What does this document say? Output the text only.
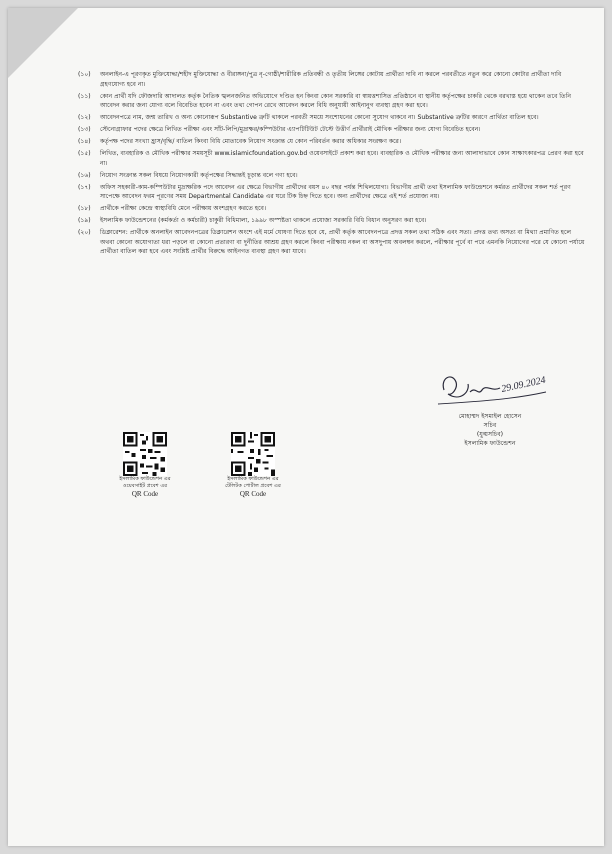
(১০)	অনলাইন-এ পূরণকৃত মুক্তিযোদ্ধা/শহীদ মুক্তিযোদ্ধা ও বীরাঙ্গনা/পুত্র নৃ-গোষ্ঠী/শারীরিক প্রতিবন্ধী ও তৃতীয় লিঙ্গের কোটায় প্রার্থীতা দাবি না করলে পরবর্তীতে নতুন করে কোনো কোটার প্রার্থীতা দাবি গ্রহণযোগ্য হবে না।
(১১)	কোন প্রার্থী যদি ফৌজদারি আদালত কর্তৃক নৈতিক স্খলনজনিত অভিযোগে দণ্ডিত হন কিংবা কোন সরকারি বা স্বায়ত্তশাসিত প্রতিষ্ঠানে বা স্থানীয় কর্তৃপক্ষের চাকরি থেকে বরখাস্ত হয়ে থাকেন তবে তিনি আবেদন করার জন্য যোগ্য বলে বিবেচিত হবেন না এবং তথ্য গোপন রেখে আবেদন করলে বিধি অনুযায়ী আইনানুগ ব্যবস্থা গ্রহণ করা হবে।
(১২)	আবেদনপত্রে নাম, জন্ম তারিখ ও অন্য কোনোরূপ Substantive ত্রুটি থাকলে পরবর্তী সময়ে সংশোধনের কোনো সুযোগ থাকবে না। Substantive ত্রুটির কারণে প্রার্থিতা বাতিল হবে।
(১৩)	স্টেনোগ্রাফার পদের ক্ষেত্রে লিখিত পরীক্ষা এবং সাঁট-লিপি/মুদ্রাক্ষর/কম্পিউটার এ্যাপটিটিউট টেস্টে উত্তীর্ণ প্রার্থীরাই মৌখিক পরীক্ষার জন্য যোগ্য বিবেচিত হবেন।
(১৪)	কর্তৃপক্ষ পদের সংখ্যা হ্রাস/বৃদ্ধি/ বাতিল কিংবা বিধি মোতাবেক নিয়োগ সংক্রান্ত যে কোন পরিবর্তন করার অধিকার সংরক্ষণ করে।
(১৫)	লিখিত, ব্যবহারিক ও মৌখিক পরীক্ষার সময়সূচী www.islamicfoundation.gov.bd ওয়েবসাইটে প্রকাশ করা হবে। ব্যবহারিক ও মৌখিক পরীক্ষার জন্য আলাদাভাবে কোন সাক্ষাৎকারপত্র প্রেরণ করা হবে না।
(১৬)	নিয়োগ সংক্রান্ত সকল বিষয়ে নিয়োগকারী কর্তৃপক্ষের সিদ্ধান্তই চূড়ান্ত বলে গণ্য হবে।
(১৭)	অফিস সহকারী-কাম-কম্পিউটার মুদ্রাক্ষরিক পদে আবেদন এর ক্ষেত্রে বিভাগীয় প্রার্থীদের বয়স ৪০ বছর পর্যন্ত শিথিলযোগ্য। বিভাগীয় প্রার্থী তথা ইসলামিক ফাউন্ডেশনে কর্মরত প্রার্থীদের সকল শর্ত পূরণ সাপেক্ষে আবেদন ফরম পূরণের সময় Departmental Candidate এর ঘরে টিক চিহ্ন দিতে হবে। অন্য প্রার্থীদের ক্ষেত্রে এই শর্ত প্রযোজ্য নয়।
(১৮)	প্রার্থীকে পরীক্ষা কেন্দ্রে স্বাস্থ্যবিধি মেনে পরীক্ষায় অংশগ্রহণ করতে হবে।
(১৯)	ইসলামিক ফাউন্ডেশনের (কর্মকর্তা ও কর্মচারী) চাকুরী বিধিমালা, ১৯৯৮ অস্পষ্টতা থাকলে প্রযোজ্য সরকারি বিধি বিধান অনুসরণ করা হবে।
(২০)	ডিক্লারেশন: প্রার্থীকে অনলাইন আবেদনপত্রের ডিক্লারেশন অংশে এই মর্মে ঘোষণা দিতে হবে যে, প্রার্থী কর্তৃক আবেদনপত্রে প্রদত্ত সকল তথ্য সঠিক এবং সত্য। প্রদত্ত তথ্য অসত্য বা মিথ্যা প্রমাণিত হলে অথবা কোনো অযোগ্যতা ধরা পড়লে বা কোনো প্রতারণা বা দুর্নীতির আশ্রয় গ্রহণ করলে কিংবা পরীক্ষায় নকল বা অসদুপায় অবলম্বন করলে, পরীক্ষার পূর্বে বা পরে এমনকি নিয়োগের পরে যে কোনো পর্যায়ে প্রার্থীতা বাতিল করা হবে এবং সংশ্লিষ্ট প্রার্থীর বিরুদ্ধে আইনগত ব্যবস্থা গ্রহণ করা যাবে।
ইসলামিক ফাউন্ডেশন এর
ওয়েবসাইট প্রবেশ এর
QR Code
ইসলামিক ফাউন্ডেশন এর
টেলিটক পোর্টাল প্রবেশ এর
QR Code
29.09.2024
মোহাম্মদ ইসমাইল হোসেন
সচিব
(যুগ্মসচিব)
ইসলামিক ফাউন্ডেশন
